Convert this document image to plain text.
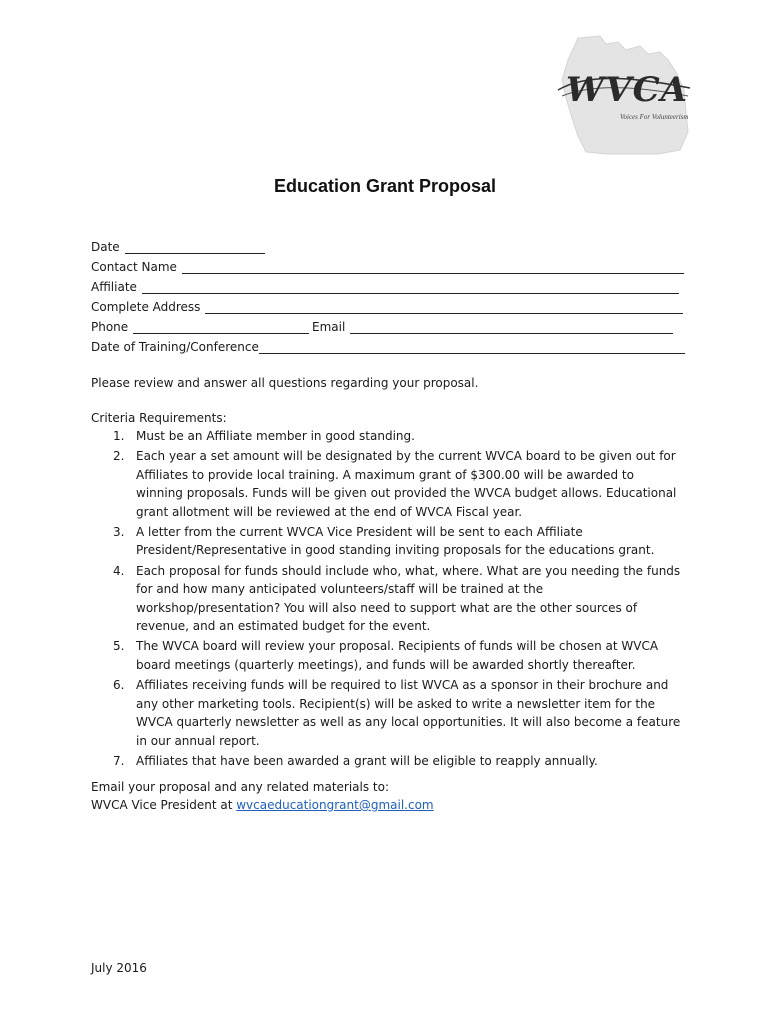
WVCA
Voices For Volunteerism
Education Grant Proposal
Date
Contact Name
Affiliate
Complete Address
Phone	Email
Date of Training/Conference
Please review and answer all questions regarding your proposal.
Criteria Requirements:
1. Must be an Affiliate member in good standing.
2. Each year a set amount will be designated by the current WVCA board to be given out for Affiliates to provide local training. A maximum grant of $300.00 will be awarded to winning proposals. Funds will be given out provided the WVCA budget allows. Educational grant allotment will be reviewed at the end of WVCA Fiscal year.
3. A letter from the current WVCA Vice President will be sent to each Affiliate President/Representative in good standing inviting proposals for the educations grant.
4. Each proposal for funds should include who, what, where. What are you needing the funds for and how many anticipated volunteers/staff will be trained at the workshop/presentation? You will also need to support what are the other sources of revenue, and an estimated budget for the event.
5. The WVCA board will review your proposal. Recipients of funds will be chosen at WVCA board meetings (quarterly meetings), and funds will be awarded shortly thereafter.
6. Affiliates receiving funds will be required to list WVCA as a sponsor in their brochure and any other marketing tools. Recipient(s) will be asked to write a newsletter item for the WVCA quarterly newsletter as well as any local opportunities. It will also become a feature in our annual report.
7. Affiliates that have been awarded a grant will be eligible to reapply annually.
Email your proposal and any related materials to:
WVCA Vice President at wvcaeducationgrant@gmail.com
July 2016
